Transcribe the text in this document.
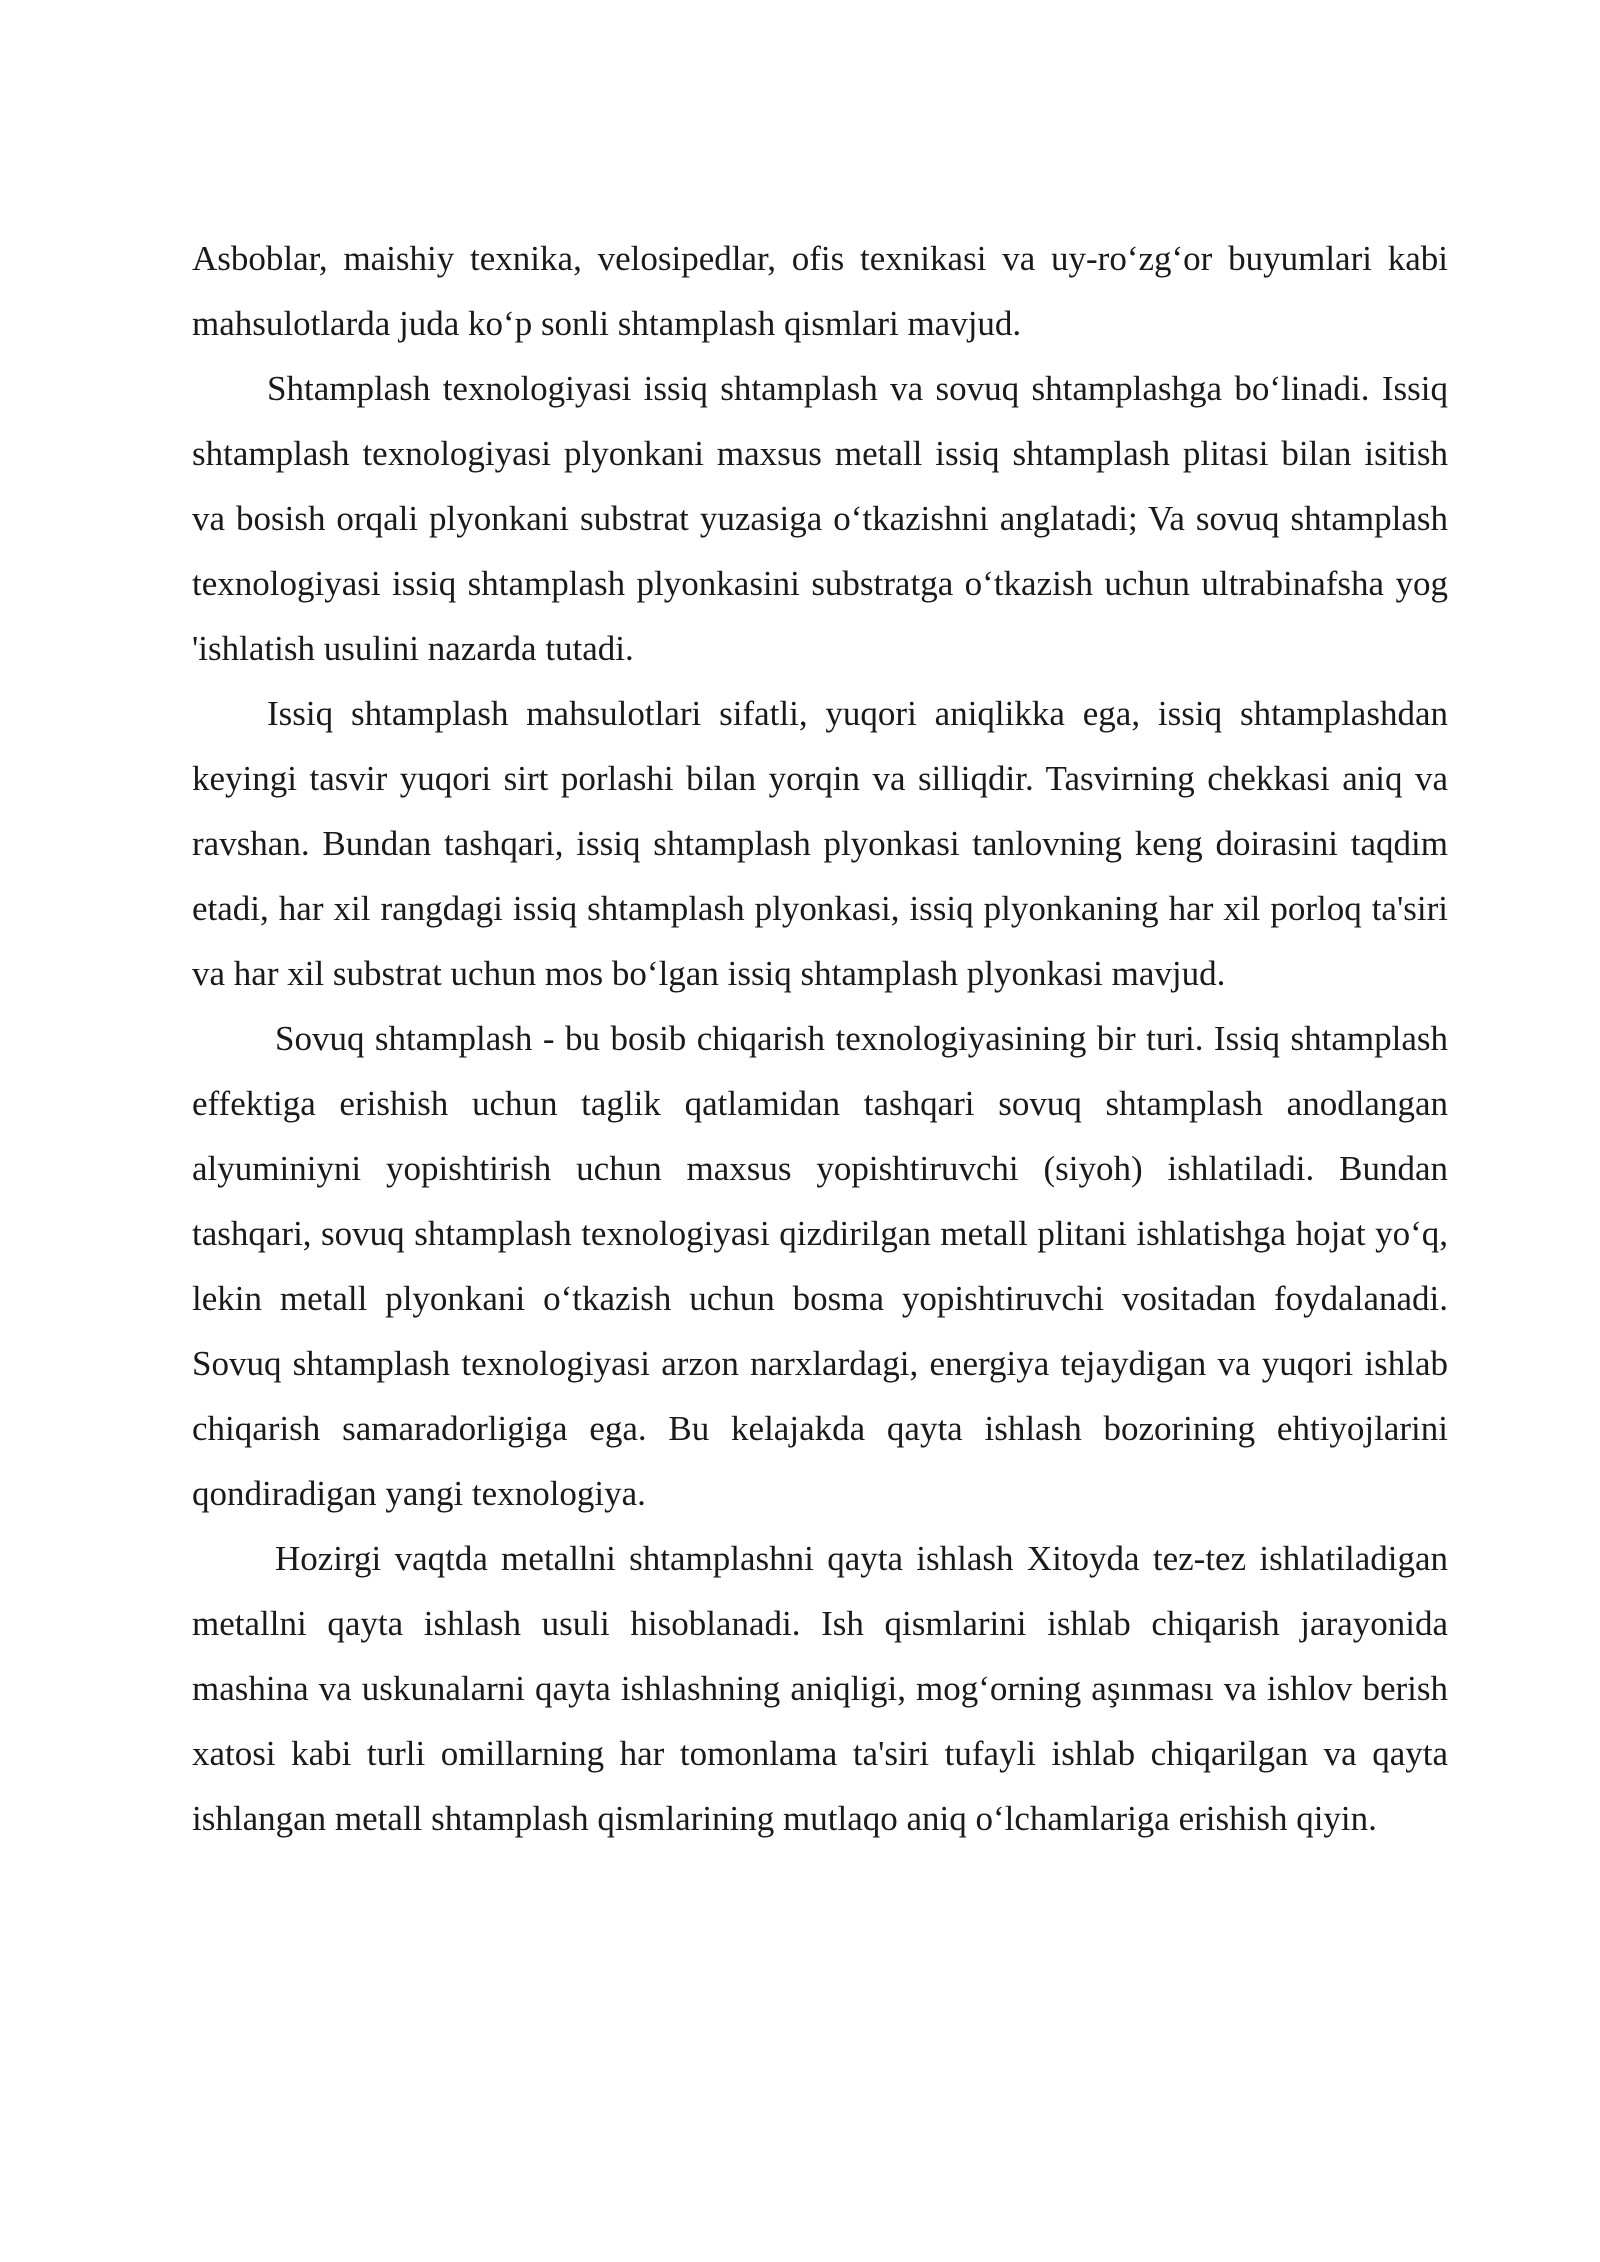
Asboblar, maishiy texnika, velosipedlar, ofis texnikasi va uy-ro‘zg‘or buyumlari kabi mahsulotlarda juda ko‘p sonli shtamplash qismlari mavjud.

Shtamplash texnologiyasi issiq shtamplash va sovuq shtamplashga bo‘linadi. Issiq shtamplash texnologiyasi plyonkani maxsus metall issiq shtamplash plitasi bilan isitish va bosish orqali plyonkani substrat yuzasiga o‘tkazishni anglatadi; Va sovuq shtamplash texnologiyasi issiq shtamplash plyonkasini substratga o‘tkazish uchun ultrabinafsha yog 'ishlatish usulini nazarda tutadi.

Issiq shtamplash mahsulotlari sifatli, yuqori aniqlikka ega, issiq shtamplashdan keyingi tasvir yuqori sirt porlashi bilan yorqin va silliqdir. Tasvirning chekkasi aniq va ravshan. Bundan tashqari, issiq shtamplash plyonkasi tanlovning keng doirasini taqdim etadi, har xil rangdagi issiq shtamplash plyonkasi, issiq plyonkaning har xil porloq ta'siri va har xil substrat uchun mos bo‘lgan issiq shtamplash plyonkasi mavjud.

Sovuq shtamplash - bu bosib chiqarish texnologiyasining bir turi. Issiq shtamplash effektiga erishish uchun taglik qatlamidan tashqari sovuq shtamplash anodlangan alyuminiyni yopishtirish uchun maxsus yopishtiruvchi (siyoh) ishlatiladi. Bundan tashqari, sovuq shtamplash texnologiyasi qizdirilgan metall plitani ishlatishga hojat yo‘q, lekin metall plyonkani o‘tkazish uchun bosma yopishtiruvchi vositadan foydalanadi. Sovuq shtamplash texnologiyasi arzon narxlardagi, energiya tejaydigan va yuqori ishlab chiqarish samaradorligiga ega. Bu kelajakda qayta ishlash bozorining ehtiyojlarini qondiradigan yangi texnologiya.

Hozirgi vaqtda metallni shtamplashni qayta ishlash Xitoyda tez-tez ishlatiladigan metallni qayta ishlash usuli hisoblanadi. Ish qismlarini ishlab chiqarish jarayonida mashina va uskunalarni qayta ishlashning aniqligi, mog‘orning aşınması va ishlov berish xatosi kabi turli omillarning har tomonlama ta'siri tufayli ishlab chiqarilgan va qayta ishlangan metall shtamplash qismlarining mutlaqo aniq o‘lchamlariga erishish qiyin.
